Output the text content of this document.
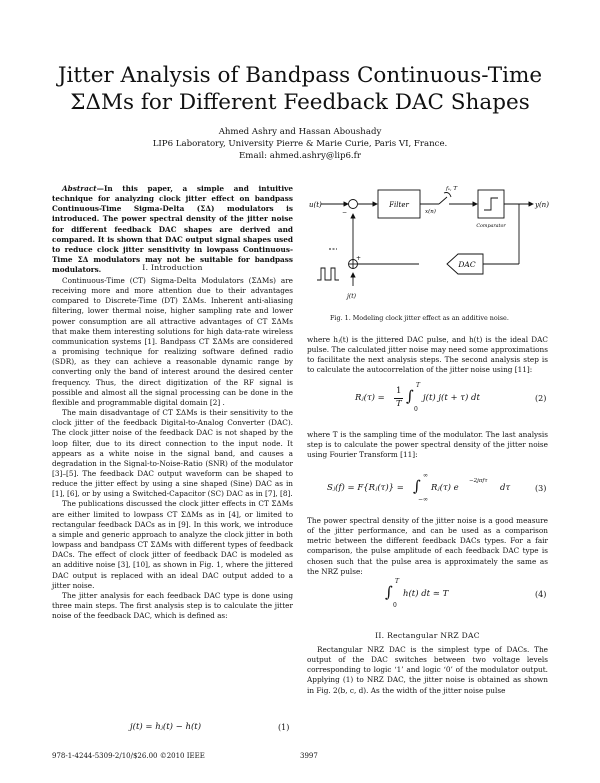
Jitter Analysis of Bandpass Continuous-Time
ΣΔMs for Different Feedback DAC Shapes
Ahmed Ashry and Hassan Aboushady
LIP6 Laboratory, University Pierre & Marie Curie, Paris VI, France.
Email: ahmed.ashry@lip6.fr

Abstract—In this paper, a simple and intuitive technique for analyzing clock jitter effect on bandpass Continuous-Time Sigma-Delta (ΣΔ) modulators is introduced. The power spectral density of the jitter noise for different feedback DAC shapes are derived and compared. It is shown that DAC output signal shapes used to reduce clock jitter sensitivity in lowpass Continuous-Time ΣΔ modulators may not be suitable for bandpass modulators.	I. Introduction

Continuous-Time (CT) Sigma-Delta Modulators (ΣΔMs) are receiving more and more attention due to their advantages compared to Discrete-Time (DT) ΣΔMs. Inherent anti-aliasing filtering, lower thermal noise, higher sampling rate and lower power consumption are all attractive advantages of CT ΣΔMs that make them interesting solutions for high data-rate wireless communication systems [1]. Bandpass CT ΣΔMs are considered a promising technique for realizing software defined radio (SDR), as they can achieve a reasonable dynamic range by converting only the band of interest around the desired center frequency. Thus, the direct digitization of the RF signal is possible and almost all the signal processing can be done in the flexible and programmable digital domain [2] .

The main disadvantage of CT ΣΔMs is their sensitivity to the clock jitter of the feedback Digital-to-Analog Converter (DAC). The clock jitter noise of the feedback DAC is not shaped by the loop filter, due to its direct connection to the input node. It appears as a white noise in the signal band, and causes a degradation in the Signal-to-Noise-Ratio (SNR) of the modulator [3]–[5]. The feedback DAC output waveform can be shaped to reduce the jitter effect by using a sine shaped (Sine) DAC as in [1], [6], or by using a Switched-Capacitor (SC) DAC as in [7], [8].

The publications discussed the clock jitter effects in CT ΣΔMs are either limited to lowpass CT ΣΔMs as in [4], or limited to rectangular feedback DACs as in [9]. In this work, we introduce a simple and generic approach to analyze the clock jitter in both lowpass and bandpass CT ΣΔMs with different types of feedback DACs. The effect of clock jitter of feedback DAC is modeled as an additive noise [3], [10], as shown in Fig. 1, where the jittered DAC output is replaced with an ideal DAC output added to a jitter noise.

The jitter analysis for each feedback DAC type is done using three main steps. The first analysis step is to calculate the jitter noise of the feedback DAC, which is defined as:

j(t) = hⱼ(t) − h(t)	(1)
u(t)	Filter
fₛ, T
x(n)
Comparator
y(n)
DAC
j(t)
−
+
Fig. 1. Modeling clock jitter effect as an additive noise.

where hⱼ(t) is the jittered DAC pulse, and h(t) is the ideal DAC pulse. The calculated jitter noise may need some approximations to facilitate the next analysis steps. The second analysis step is to calculate the autocorrelation of the jitter noise using [11]:

Rⱼ(τ) =
1
T ∫
T
0
j(t) j(t + τ) dt	(2)

where T is the sampling time of the modulator. The last analysis step is to calculate the power spectral density of the jitter noise using Fourier Transform [11]:

Sⱼ(f) = F{Rⱼ(τ)} = ∫
∞
−∞
Rⱼ(τ) e
−2jπfτ
dτ	(3)

The power spectral density of the jitter noise is a good measure of the jitter performance, and can be used as a comparison metric between the different feedback DACs types. For a fair comparison, the pulse amplitude of each feedback DAC type is chosen such that the pulse area is approximately the same as the NRZ pulse:

∫
T
0
h(t) dt ≃ T	(4)
II. Rectangular NRZ DAC

Rectangular NRZ DAC is the simplest type of DACs. The output of the DAC switches between two voltage levels corresponding to logic ‘1’ and logic ‘0’ of the modulator output. Applying (1) to NRZ DAC, the jitter noise is obtained as shown in Fig. 2(b, c, d). As the width of the jitter noise pulse

978-1-4244-5309-2/10/$26.00 ©2010 IEEE	3997
